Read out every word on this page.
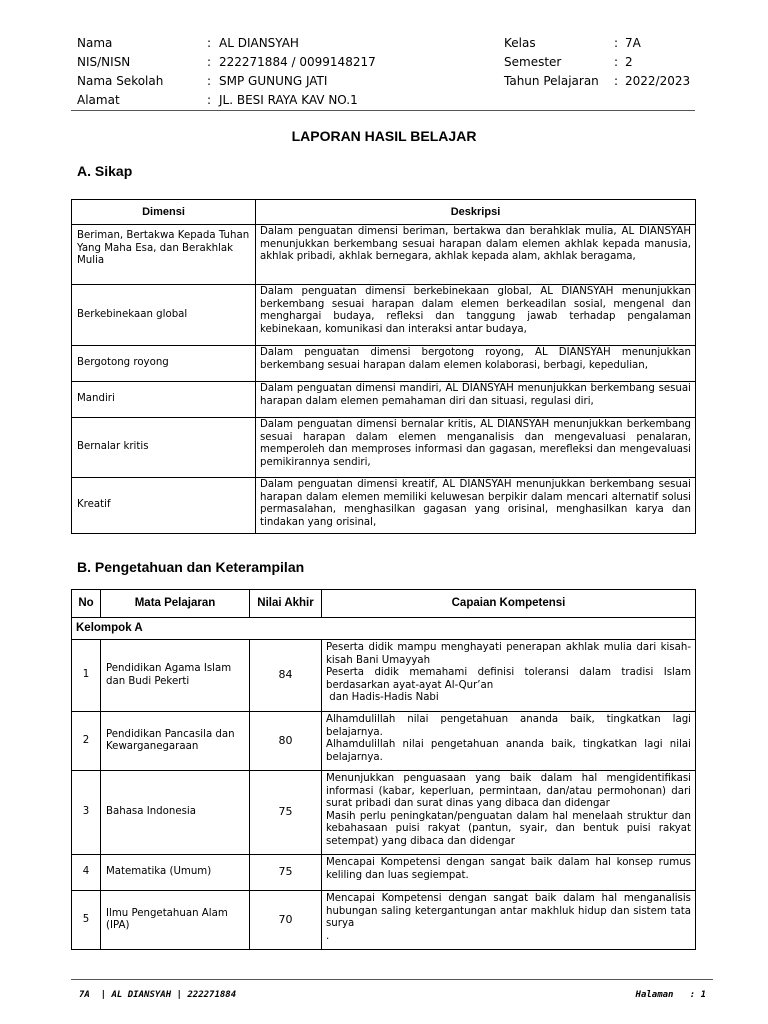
Nama	: AL DIANSYAH
NIS/NISN	: 222271884 / 0099148217
Nama Sekolah	: SMP GUNUNG JATI
Alamat	: JL. BESI RAYA KAV NO.1
Kelas	: 7A
Semester	: 2
Tahun Pelajaran : 2022/2023
LAPORAN HASIL BELAJAR
A. Sikap
Dimensi	Deskripsi
Beriman, Bertakwa Kepada Tuhan Yang Maha Esa, dan Berakhlak Mulia	Dalam penguatan dimensi beriman, bertakwa dan berahklak mulia, AL DIANSYAH menunjukkan berkembang sesuai harapan dalam elemen akhlak kepada manusia, akhlak pribadi, akhlak bernegara, akhlak kepada alam, akhlak beragama,
Berkebinekaan global	Dalam penguatan dimensi berkebinekaan global, AL DIANSYAH menunjukkan berkembang sesuai harapan dalam elemen berkeadilan sosial, mengenal dan menghargai budaya, refleksi dan tanggung jawab terhadap pengalaman kebinekaan, komunikasi dan interaksi antar budaya,
Bergotong royong	Dalam penguatan dimensi bergotong royong, AL DIANSYAH menunjukkan berkembang sesuai harapan dalam elemen kolaborasi, berbagi, kepedulian,
Mandiri	Dalam penguatan dimensi mandiri, AL DIANSYAH menunjukkan berkembang sesuai harapan dalam elemen pemahaman diri dan situasi, regulasi diri,
Bernalar kritis	Dalam penguatan dimensi bernalar kritis, AL DIANSYAH menunjukkan berkembang sesuai harapan dalam elemen menganalisis dan mengevaluasi penalaran, memperoleh dan memproses informasi dan gagasan, merefleksi dan mengevaluasi pemikirannya sendiri,
Kreatif	Dalam penguatan dimensi kreatif, AL DIANSYAH menunjukkan berkembang sesuai harapan dalam elemen memiliki keluwesan berpikir dalam mencari alternatif solusi permasalahan, menghasilkan gagasan yang orisinal, menghasilkan karya dan tindakan yang orisinal,
B. Pengetahuan dan Keterampilan
No	Mata Pelajaran	Nilai Akhir	Capaian Kompetensi
Kelompok A			
1	Pendidikan Agama Islam dan Budi Pekerti	84	Peserta didik mampu menghayati penerapan akhlak mulia dari kisah-kisah Bani Umayyah
Peserta didik memahami definisi toleransi dalam tradisi Islam berdasarkan ayat-ayat Al-Qur’an
dan Hadis-Hadis Nabi

2	Pendidikan Pancasila dan Kewarganegaraan	80	Alhamdulillah nilai pengetahuan ananda baik, tingkatkan lagi belajarnya.
Alhamdulillah nilai pengetahuan ananda baik, tingkatkan lagi nilai belajarnya.

3	Bahasa Indonesia	75	Menunjukkan penguasaan yang baik dalam hal mengidentifikasi informasi (kabar, keperluan, permintaan, dan/atau permohonan) dari surat pribadi dan surat dinas yang dibaca dan didengar
Masih perlu peningkatan/penguatan dalam hal menelaah struktur dan kebahasaan puisi rakyat (pantun, syair, dan bentuk puisi rakyat setempat) yang dibaca dan didengar

4	Matematika (Umum)	75	Mencapai Kompetensi dengan sangat baik dalam hal konsep rumus keliling dan luas segiempat.

5	Ilmu Pengetahuan Alam (IPA)	70	Mencapai Kompetensi dengan sangat baik dalam hal menganalisis hubungan saling ketergantungan antar makhluk hidup dan sistem tata surya
.
7A  | AL DIANSYAH | 222271884	Halaman   : 1
